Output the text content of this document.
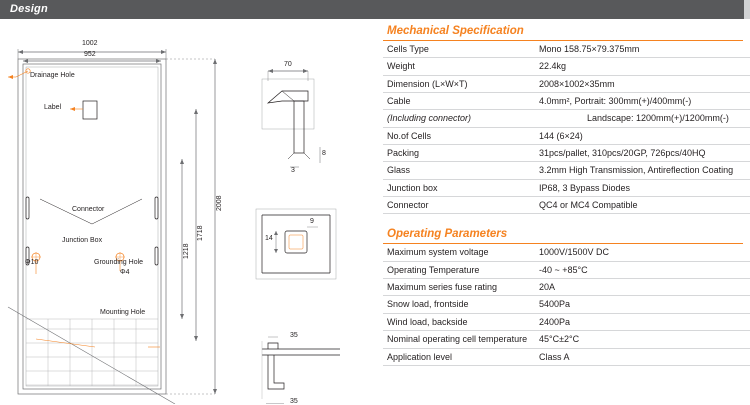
Design
1002
952
2008
1718
1218
70
3
8
9
14
35
35
Drainage Hole
Label
Connector
Junction Box
Grounding Hole
Φ4
Φ10
Mounting Hole
Mechanical Specification
Cells Type	Mono 158.75×79.375mm
Weight	22.4kg
Dimension (L×W×T)	2008×1002×35mm
Cable	4.0mm², Portrait: 300mm(+)/400mm(-)
(Including connector)	Landscape: 1200mm(+)/1200mm(-)
No.of Cells	144 (6×24)
Packing	31pcs/pallet, 310pcs/20GP, 726pcs/40HQ
Glass	3.2mm High Transmission, Antireflection Coating
Junction box	IP68, 3 Bypass Diodes
Connector	QC4 or MC4 Compatible
Operating Parameters
Maximum system voltage	1000V/1500V DC
Operating Temperature	-40 ~ +85°C
Maximum series fuse rating	20A
Snow load, frontside	5400Pa
Wind load, backside	2400Pa
Nominal operating cell temperature	45°C±2°C
Application level	Class A
